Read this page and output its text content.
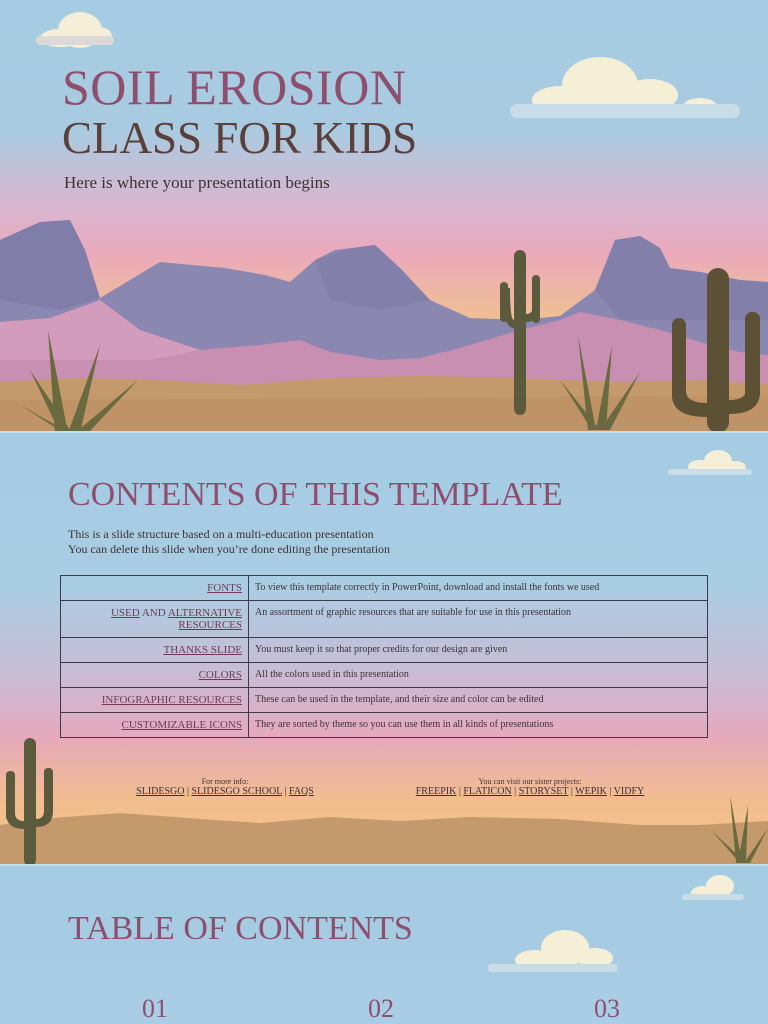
SOIL EROSION
CLASS FOR KIDS
Here is where your presentation begins
CONTENTS OF THIS TEMPLATE
This is a slide structure based on a multi-education presentation
You can delete this slide when you’re done editing the presentation
FONTS	To view this template correctly in PowerPoint, download and install the fonts we used
USED AND ALTERNATIVE
RESOURCES	An assortment of graphic resources that are suitable for use in this presentation
THANKS SLIDE	You must keep it so that proper credits for our design are given
COLORS	All the colors used in this presentation
INFOGRAPHIC RESOURCES	These can be used in the template, and their size and color can be edited
CUSTOMIZABLE ICONS	They are sorted by theme so you can use them in all kinds of presentations
For more info:
SLIDESGO | SLIDESGO SCHOOL | FAQS
You can visit our sister projects:
FREEPIK | FLATICON | STORYSET | WEPIK | VIDFY
TABLE OF CONTENTS
01	02	03
